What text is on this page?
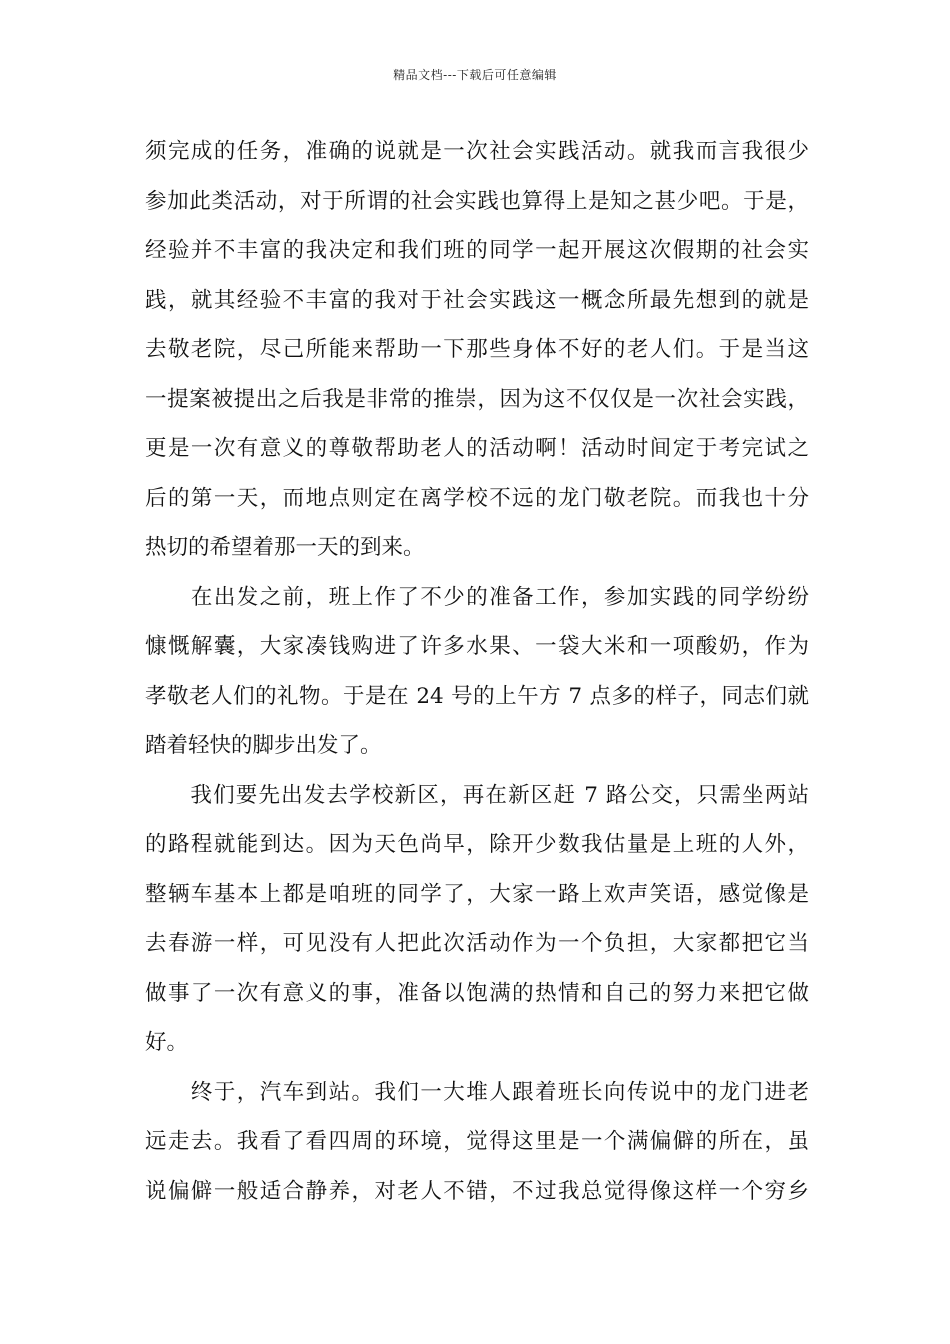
精品文档---下载后可任意编辑
须完成的任务，准确的说就是一次社会实践活动。就我而言我很少
参加此类活动，对于所谓的社会实践也算得上是知之甚少吧。于是，
经验并不丰富的我决定和我们班的同学一起开展这次假期的社会实
践，就其经验不丰富的我对于社会实践这一概念所最先想到的就是
去敬老院，尽己所能来帮助一下那些身体不好的老人们。于是当这
一提案被提出之后我是非常的推崇，因为这不仅仅是一次社会实践，
更是一次有意义的尊敬帮助老人的活动啊！活动时间定于考完试之
后的第一天，而地点则定在离学校不远的龙门敬老院。而我也十分
热切的希望着那一天的到来。
　　在出发之前，班上作了不少的准备工作，参加实践的同学纷纷
慷慨解囊，大家凑钱购进了许多水果、一袋大米和一项酸奶，作为
孝敬老人们的礼物。于是在 24 号的上午方 7 点多的样子，同志们就
踏着轻快的脚步出发了。
　　我们要先出发去学校新区，再在新区赶 7 路公交，只需坐两站
的路程就能到达。因为天色尚早，除开少数我估量是上班的人外，
整辆车基本上都是咱班的同学了，大家一路上欢声笑语，感觉像是
去春游一样，可见没有人把此次活动作为一个负担，大家都把它当
做事了一次有意义的事，准备以饱满的热情和自己的努力来把它做
好。
　　终于，汽车到站。我们一大堆人跟着班长向传说中的龙门进老
远走去。我看了看四周的环境，觉得这里是一个满偏僻的所在，虽
说偏僻一般适合静养，对老人不错，不过我总觉得像这样一个穷乡
